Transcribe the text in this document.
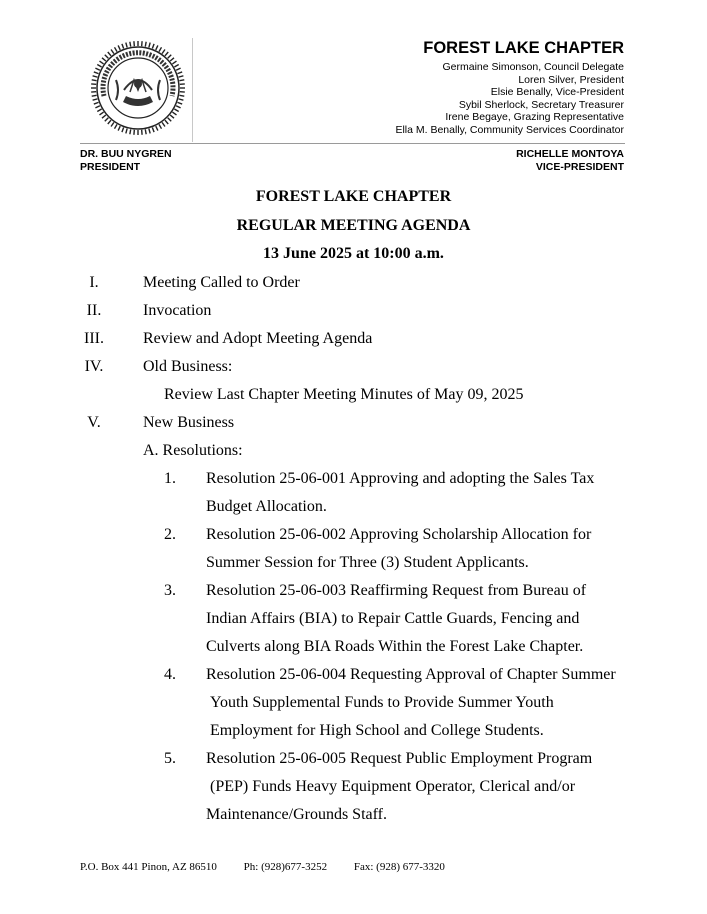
FOREST LAKE CHAPTER
Germaine Simonson, Council Delegate
Loren Silver, President
Elsie Benally, Vice-President
Sybil Sherlock, Secretary Treasurer
Irene Begaye, Grazing Representative
Ella M. Benally, Community Services Coordinator
DR. BUU NYGREN
PRESIDENT
RICHELLE MONTOYA
VICE-PRESIDENT
FOREST LAKE CHAPTER
REGULAR MEETING AGENDA
13 June 2025 at 10:00 a.m.
I.	Meeting Called to Order
II.	Invocation
III.	Review and Adopt Meeting Agenda
IV.	Old Business:
Review Last Chapter Meeting Minutes of May 09, 2025
V.	New Business
A. Resolutions:
1. Resolution 25-06-001 Approving and adopting the Sales Tax
Budget Allocation.
2. Resolution 25-06-002 Approving Scholarship Allocation for
Summer Session for Three (3) Student Applicants.
3. Resolution 25-06-003 Reaffirming Request from Bureau of
Indian Affairs (BIA) to Repair Cattle Guards, Fencing and
Culverts along BIA Roads Within the Forest Lake Chapter.
4. Resolution 25-06-004 Requesting Approval of Chapter Summer
Youth Supplemental Funds to Provide Summer Youth
Employment for High School and College Students.
5. Resolution 25-06-005 Request Public Employment Program
(PEP) Funds Heavy Equipment Operator, Clerical and/or
Maintenance/Grounds Staff.
P.O. Box 441 Pinon, AZ 86510 Ph: (928)677-3252 Fax: (928) 677-3320
